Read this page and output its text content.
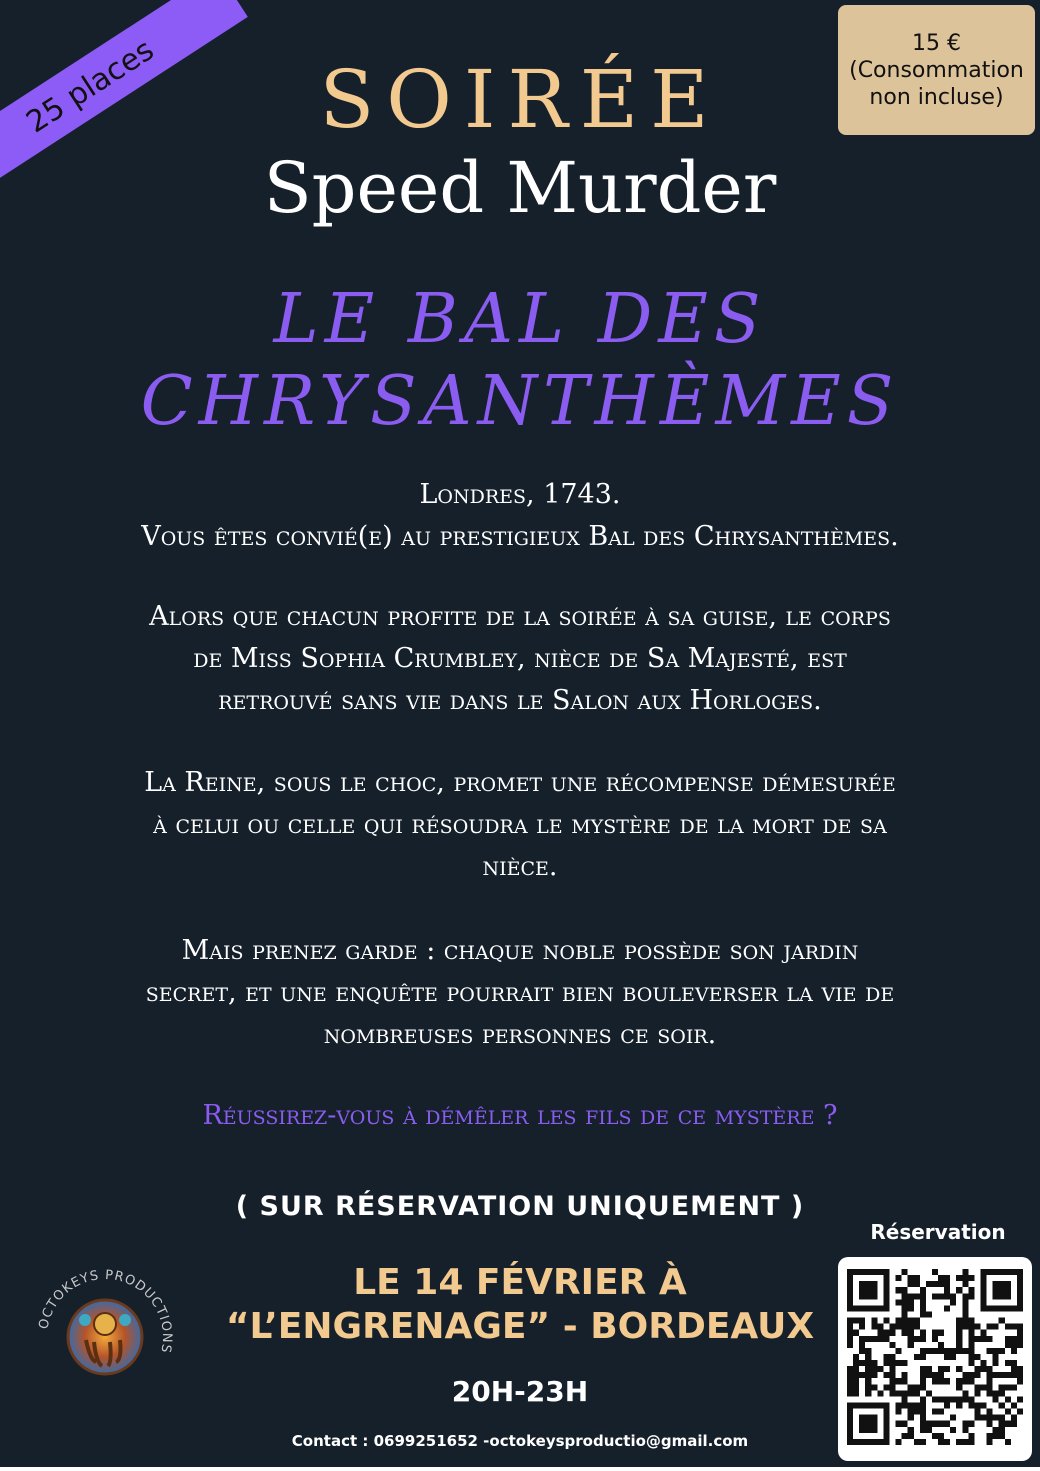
25 places	15 €
(Consommation
non incluse)
SOIRÉE
Speed Murder
LE BAL DES
CHRYSANTHÈMES
Londres, 1743.
Vous êtes convié(e) au prestigieux Bal des Chrysanthèmes.
Alors que chacun profite de la soirée à sa guise, le corps
de Miss Sophia Crumbley, nièce de Sa Majesté, est
retrouvé sans vie dans le Salon aux Horloges.
La Reine, sous le choc, promet une récompense démesurée
à celui ou celle qui résoudra le mystère de la mort de sa
nièce.
Mais prenez garde : chaque noble possède son jardin
secret, et une enquête pourrait bien bouleverser la vie de
nombreuses personnes ce soir.
Réussirez-vous à démêler les fils de ce mystère ?
( SUR RÉSERVATION UNIQUEMENT )
LE 14 FÉVRIER À
“L’ENGRENAGE” - BORDEAUX
20H-23H
Contact : 0699251652 -octokeysproductio@gmail.com
OCTOKEYS PRODUCTIONS
Réservation
